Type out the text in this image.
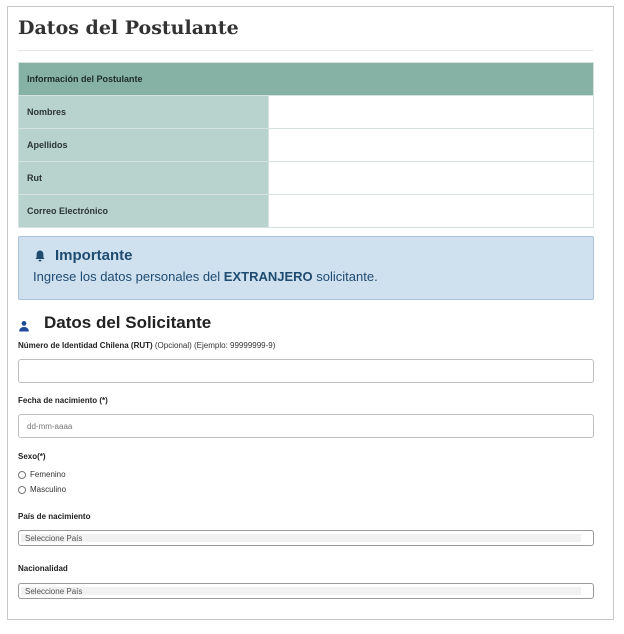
Datos del Postulante
Información del Postulante
Nombres
Apellidos
Rut
Correo Electrónico
Importante
Ingrese los datos personales del EXTRANJERO solicitante.
Datos del Solicitante
Número de Identidad Chilena (RUT) (Opcional) (Ejemplo: 99999999-9)
Fecha de nacimiento (*)
dd-mm-aaaa
Sexo(*)
Femenino
Masculino
País de nacimiento
Seleccione País
Nacionalidad
Seleccione País
